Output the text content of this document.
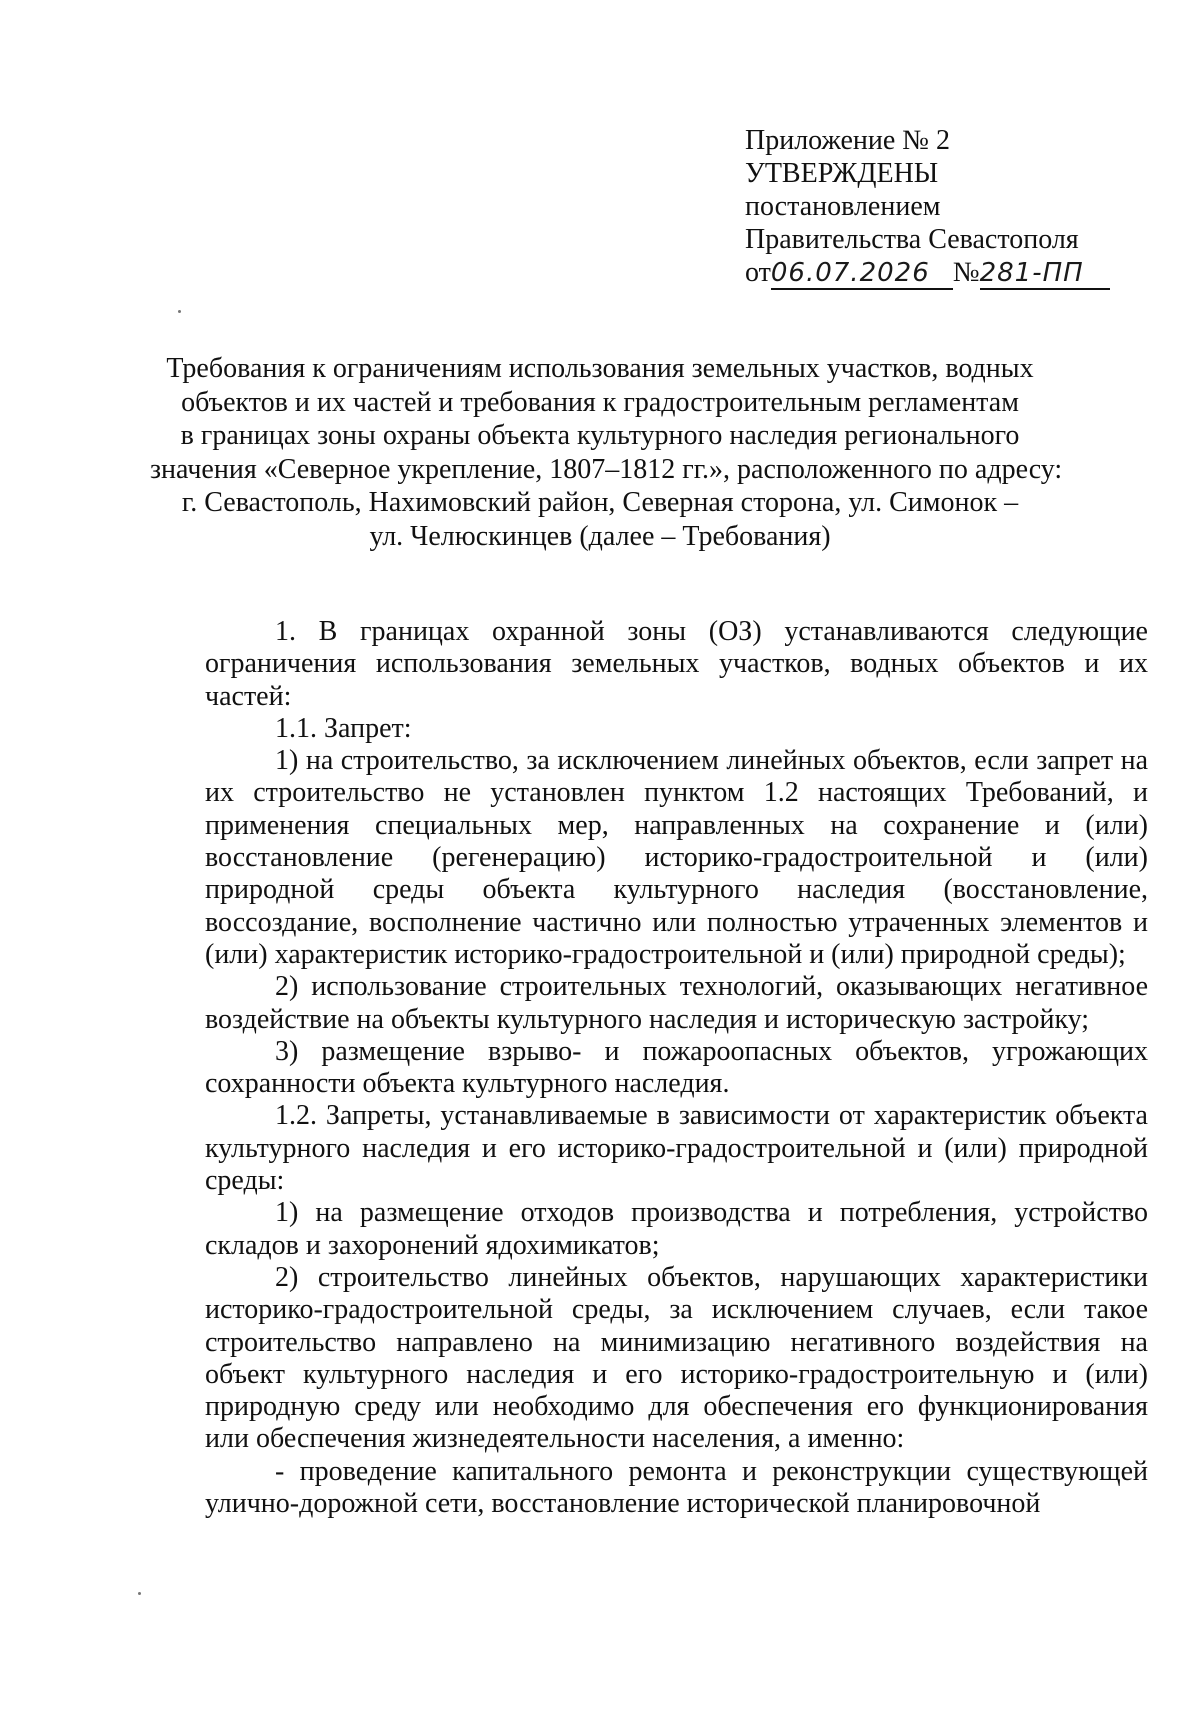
Приложение № 2
УТВЕРЖДЕНЫ
постановлением
Правительства Севастополя
от06.07.2026 №281-ПП
Требования к ограничениям использования земельных участков, водных
объектов и их частей и требования к градостроительным регламентам
в границах зоны охраны объекта культурного наследия регионального
значения «Северное укрепление, 1807–1812 гг.», расположенного по адресу:
г. Севастополь, Нахимовский район, Северная сторона, ул. Симонок –
ул. Челюскинцев (далее – Требования)

1. В границах охранной зоны (ОЗ) устанавливаются следующие ограничения использования земельных участков, водных объектов и их частей:

1.1. Запрет:

1) на строительство, за исключением линейных объектов, если запрет на их строительство не установлен пунктом 1.2 настоящих Требований, и применения специальных мер, направленных на сохранение и (или) восстановление (регенерацию) историко-градостроительной и (или) природной среды объекта культурного наследия (восстановление, воссоздание, восполнение частично или полностью утраченных элементов и (или) характеристик историко-градостроительной и (или) природной среды);

2) использование строительных технологий, оказывающих негативное воздействие на объекты культурного наследия и историческую застройку;

3) размещение взрыво- и пожароопасных объектов, угрожающих сохранности объекта культурного наследия.

1.2. Запреты, устанавливаемые в зависимости от характеристик объекта культурного наследия и его историко-градостроительной и (или) природной среды:

1) на размещение отходов производства и потребления, устройство складов и захоронений ядохимикатов;

2) строительство линейных объектов, нарушающих характеристики историко-градостроительной среды, за исключением случаев, если такое строительство направлено на минимизацию негативного воздействия на объект культурного наследия и его историко-градостроительную и (или) природную среду или необходимо для обеспечения его функционирования или обеспечения жизнедеятельности населения, а именно:

- проведение капитального ремонта и реконструкции существующей улично-дорожной сети, восстановление исторической планировочной
